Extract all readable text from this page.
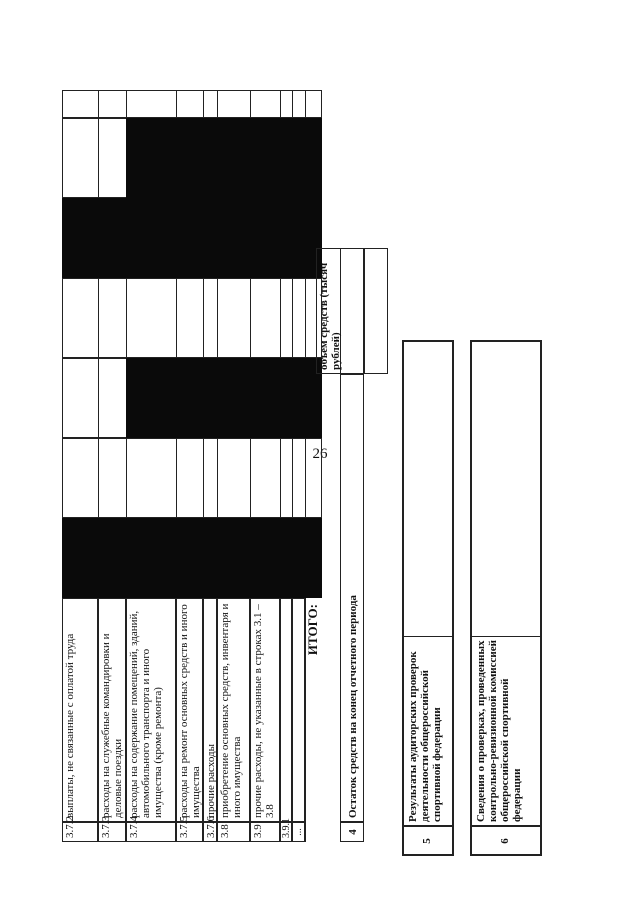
26
3.7.2
выплаты, не связанные с оплатой труда
3.7.3
расходы на служебные командировки и деловые поездки
3.7.4
расходы на содержание помещений, зданий, автомобильного транспорта и иного имущества (кроме ремонта)
3.7.5
расходы на ремонт основных средств и иного имущества
3.7.6
прочие расходы
3.8
приобретение основных средств, инвентаря и иного имущества
3.9
прочие расходы, не указанные в строках 3.1 – 3.8
3.9.1 ...
ИТОГО:
4
Остаток средств на конец отчетного периода
объем средств (тысяч рублей)
5
Результаты аудиторских проверок деятельности общероссийской спортивной федерации
6
Сведения о проверках, проведенных контрольно-ревизионной комиссией общероссийской спортивной федерации
